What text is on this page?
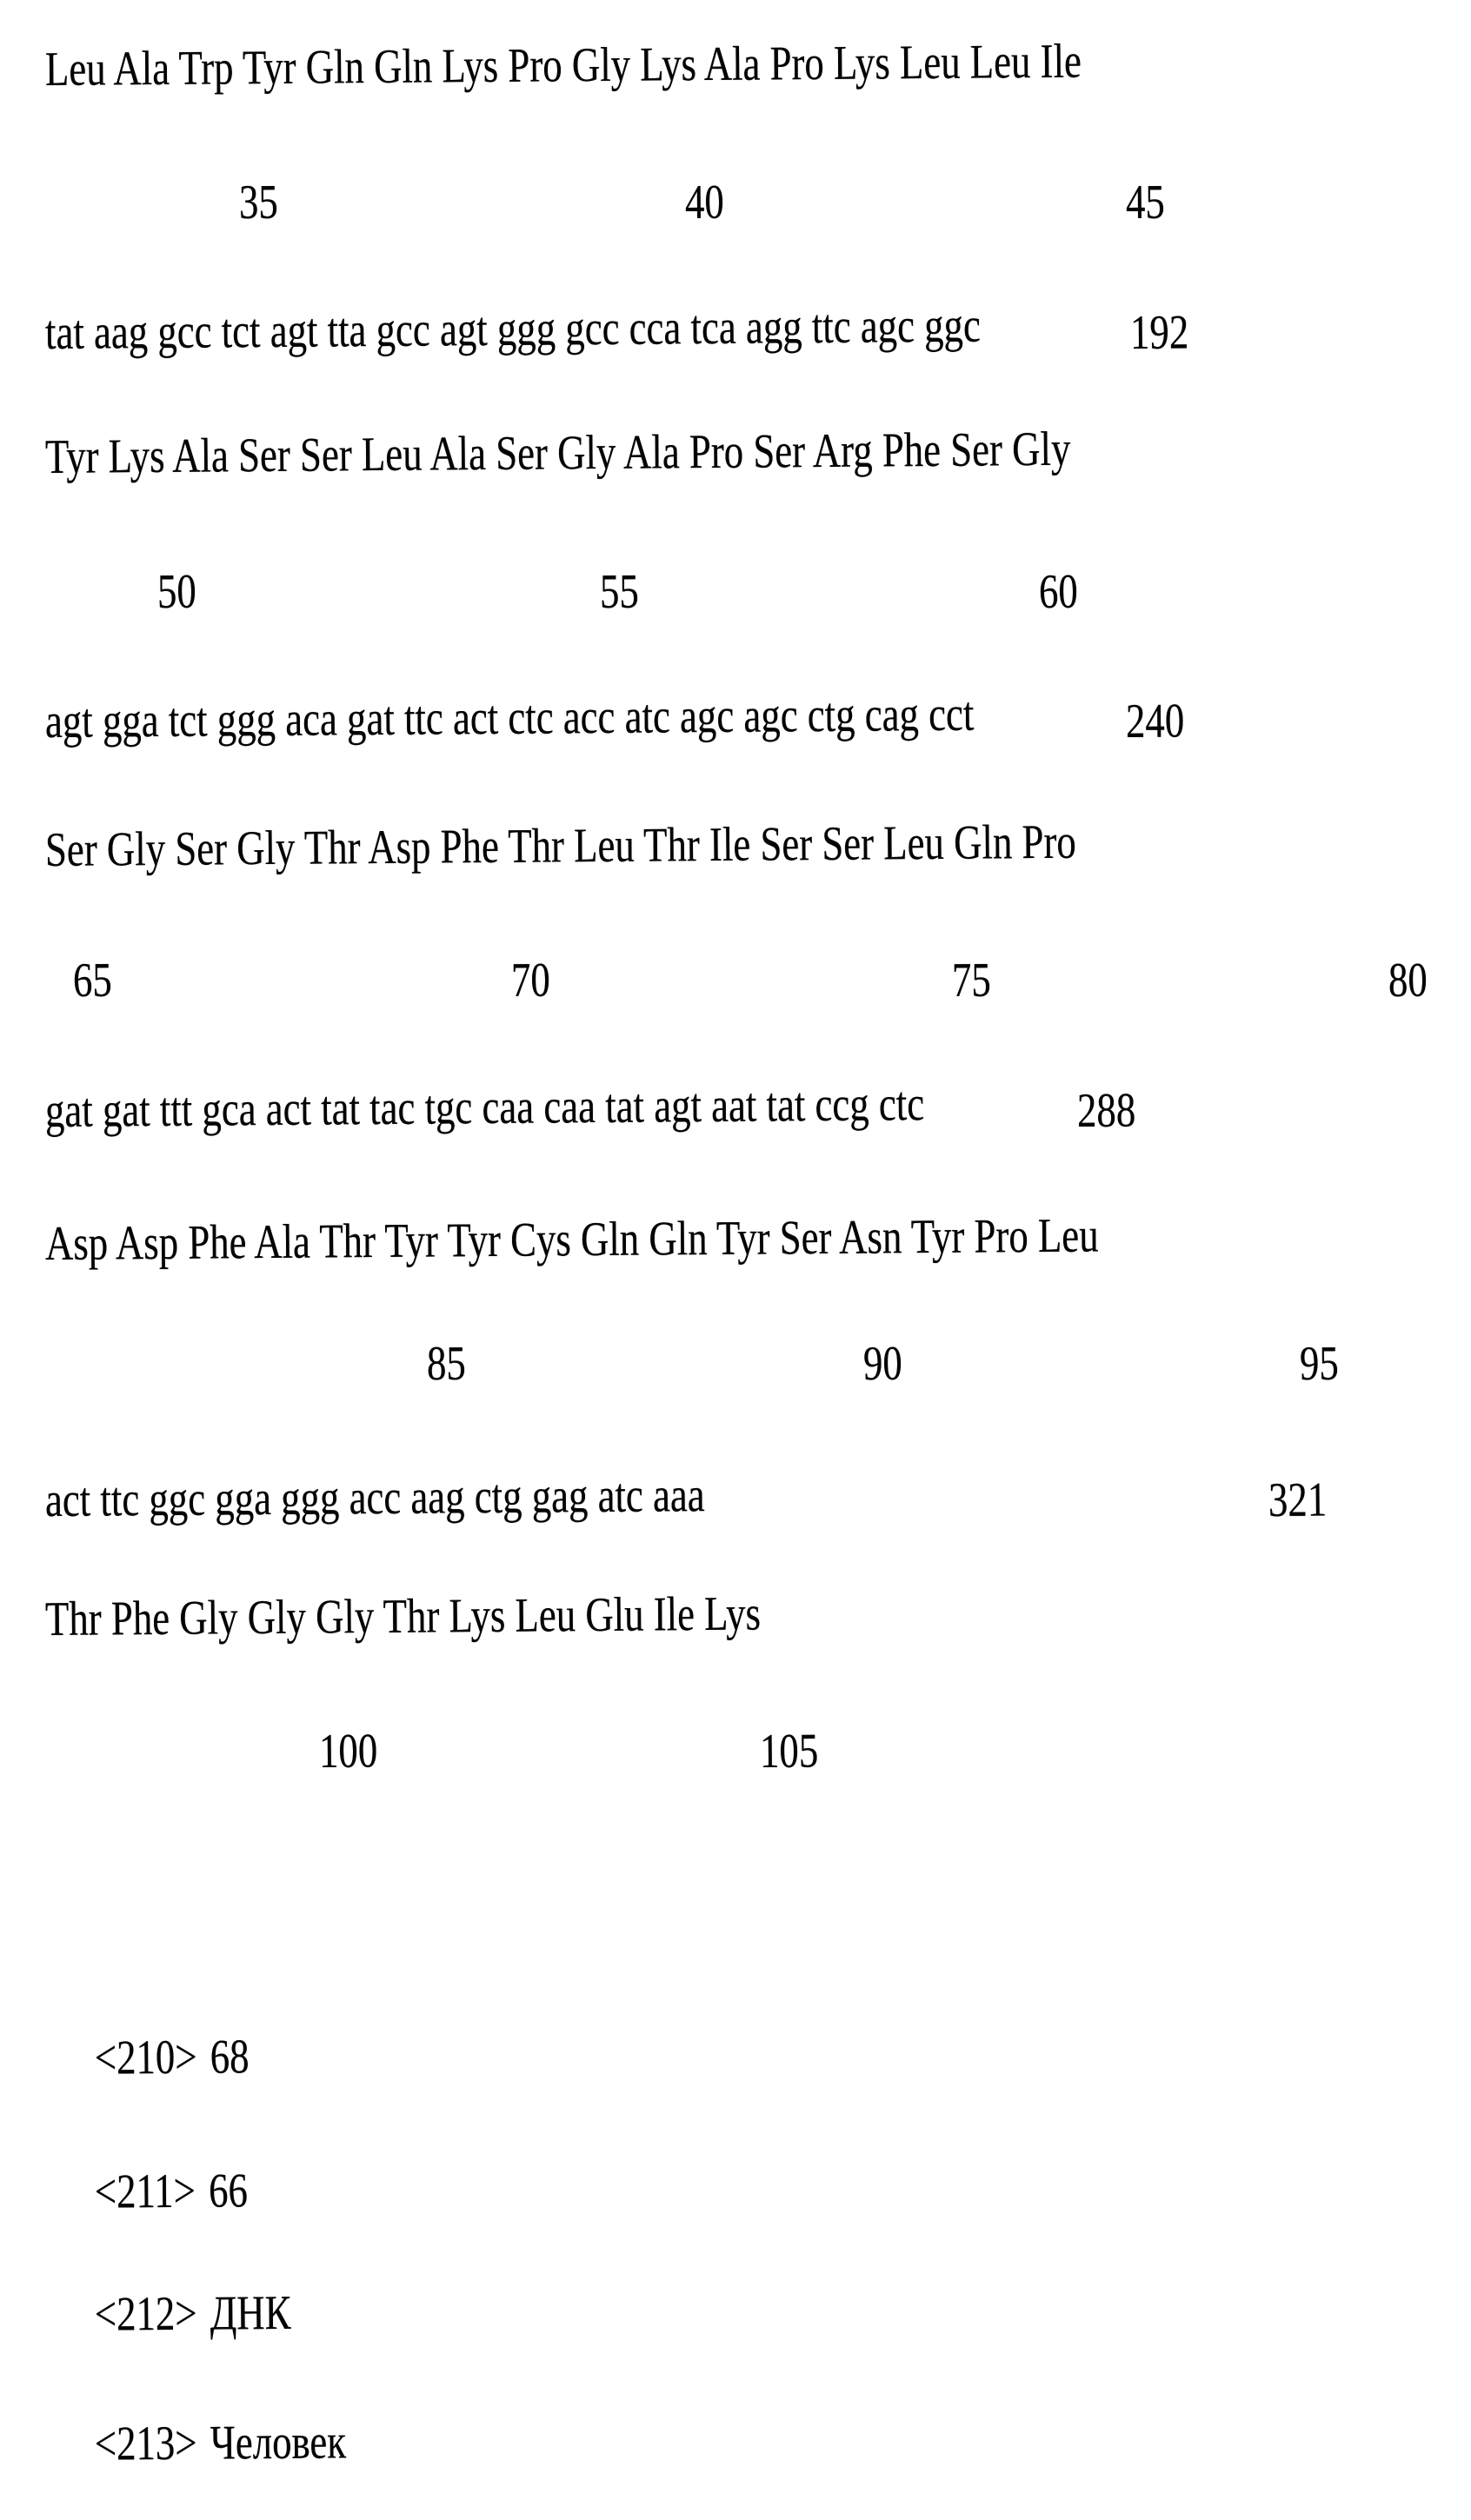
Leu Ala Trp Tyr Gln Gln Lys Pro Gly Lys Ala Pro Lys Leu Leu Ile
35	40	45
tat aag gcc tct agt tta gcc agt ggg gcc cca tca agg ttc agc ggc	192
Tyr Lys Ala Ser Ser Leu Ala Ser Gly Ala Pro Ser Arg Phe Ser Gly
50	55	60
agt gga tct ggg aca gat ttc act ctc acc atc agc agc ctg cag cct	240
Ser Gly Ser Gly Thr Asp Phe Thr Leu Thr Ile Ser Ser Leu Gln Pro
65	70	75	80
gat gat ttt gca act tat tac tgc caa caa tat agt aat tat ccg ctc	288
Asp Asp Phe Ala Thr Tyr Tyr Cys Gln Gln Tyr Ser Asn Tyr Pro Leu
85	90	95
act ttc ggc gga ggg acc aag ctg gag atc aaa	321
Thr Phe Gly Gly Gly Thr Lys Leu Glu Ile Lys
100	105

<210> 68

<211> 66

<212> ДНК

<213> Человек
